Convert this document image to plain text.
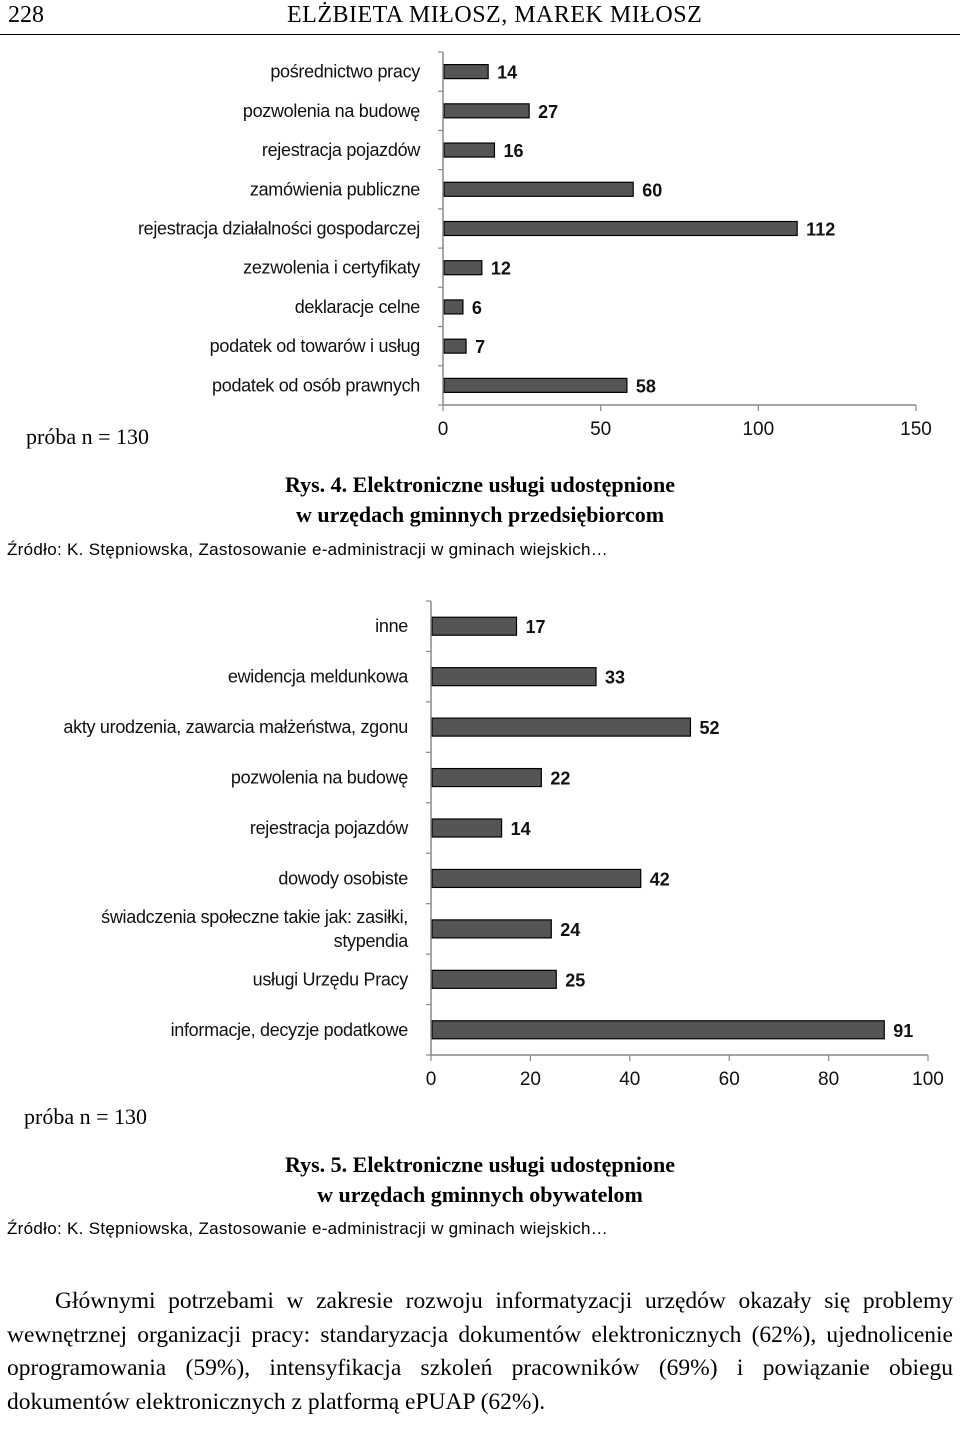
228	ELŻBIETA MIŁOSZ, MAREK MIŁOSZ
14
pośrednictwo pracy
27
pozwolenia na budowę
16
rejestracja pojazdów
60
zamówienia publiczne
112
rejestracja działalności gospodarczej
12
zezwolenia i certyfikaty
6
deklaracje celne
7
podatek od towarów i usług
58
podatek od osób prawnych
0	50	100	150
próba n = 130
Rys. 4. Elektroniczne usługi udostępnione
w urzędach gminnych przedsiębiorcom
Źródło: K. Stępniowska, Zastosowanie e-administracji w gminach wiejskich…
17
inne
33
ewidencja meldunkowa
52
akty urodzenia, zawarcia małżeństwa, zgonu
22
pozwolenia na budowę
14
rejestracja pojazdów
42
dowody osobiste
24
świadczenia społeczne takie jak: zasiłki,
stypendia
25
usługi Urzędu Pracy
91
informacje, decyzje podatkowe
0	20	40	60	80	100
próba n = 130
Rys. 5. Elektroniczne usługi udostępnione
w urzędach gminnych obywatelom
Źródło: K. Stępniowska, Zastosowanie e-administracji w gminach wiejskich…

Głównymi potrzebami w zakresie rozwoju informatyzacji urzędów okazały się problemy wewnętrznej organizacji pracy: standaryzacja dokumentów elektronicznych (62%), ujednolicenie oprogramowania (59%), intensyfikacja szkoleń pracowników (69%) i powiązanie obiegu dokumentów elektronicznych z platformą ePUAP (62%).
